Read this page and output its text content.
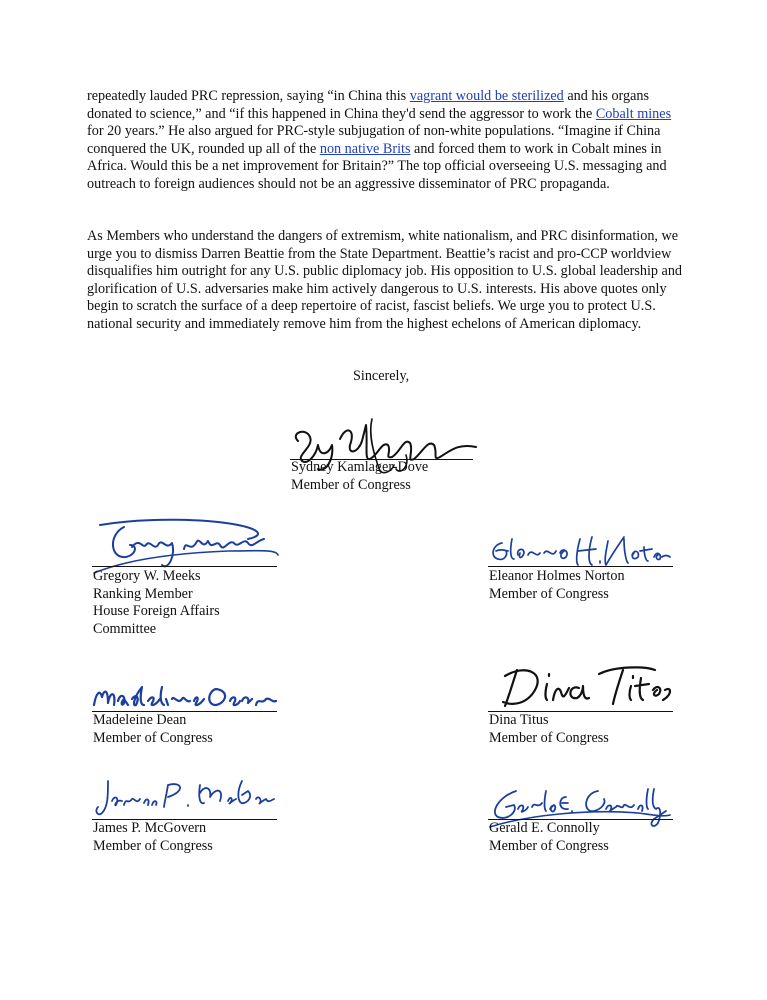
repeatedly lauded PRC repression, saying “in China this vagrant would be sterilized and his organs donated to science,” and “if this happened in China they'd send the aggressor to work the Cobalt mines for 20 years.” He also argued for PRC-style subjugation of non-white populations. “Imagine if China conquered the UK, rounded up all of the non native Brits and forced them to work in Cobalt mines in Africa. Would this be a net improvement for Britain?” The top official overseeing U.S. messaging and outreach to foreign audiences should not be an aggressive disseminator of PRC propaganda.

As Members who understand the dangers of extremism, white nationalism, and PRC disinformation, we urge you to dismiss Darren Beattie from the State Department. Beattie’s racist and pro-CCP worldview disqualifies him outright for any U.S. public diplomacy job. His opposition to U.S. global leadership and glorification of U.S. adversaries make him actively dangerous to U.S. interests. His above quotes only begin to scratch the surface of a deep repertoire of racist, fascist beliefs. We urge you to protect U.S. national security and immediately remove him from the highest echelons of American diplomacy.

Sincerely,
Sydney Kamlager-Dove
Member of Congress
Gregory W. Meeks
Ranking Member
House Foreign Affairs
Committee
Eleanor Holmes Norton
Member of Congress
Madeleine Dean
Member of Congress
Dina Titus
Member of Congress
James P. McGovern
Member of Congress
Gerald E. Connolly
Member of Congress
